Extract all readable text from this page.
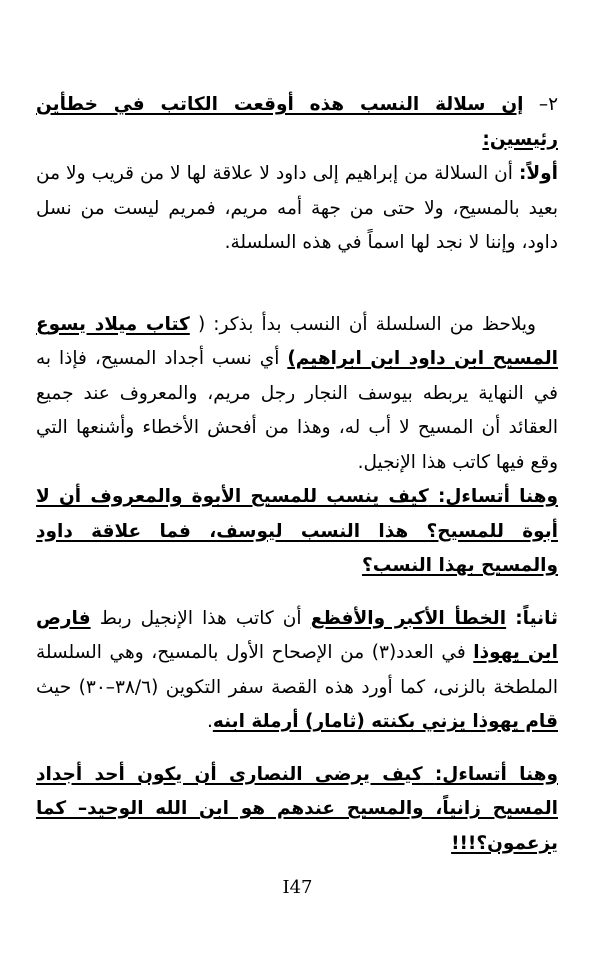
٢– إن سلالة النسب هذه أوقعت الكاتب في خطأين رئيسين:

أولاً: أن السلالة من إبراهيم إلى داود لا علاقة لها لا من قريب ولا من بعيد بالمسيح، ولا حتى من جهة أمه مريم، فمريم ليست من نسل داود، وإننا لا نجد لها اسماً في هذه السلسلة.

ويلاحظ من السلسلة أن النسب بدأ بذكر: ( كتاب ميلاد يسوع المسيح ابن داود ابن ابراهيم) أي نسب أجداد المسيح، فإذا به في النهاية يربطه بيوسف النجار رجل مريم، والمعروف عند جميع العقائد أن المسيح لا أب له، وهذا من أفحش الأخطاء وأشنعها التي وقع فيها كاتب هذا الإنجيل.

وهنا أتساءل: كيف ينسب للمسيح الأبوة والمعروف أن لا أبوة للمسيح؟ هذا النسب ليوسف، فما علاقة داود والمسيح بهذا النسب؟

ثانياً: الخطأ الأكبر والأفظع أن كاتب هذا الإنجيل ربط فارص ابن يهوذا في العدد(٣) من الإصحاح الأول بالمسيح، وهي السلسلة الملطخة بالزنى، كما أورد هذه القصة سفر التكوين (٣٨/٦–٣٠) حيث قام يهوذا يزني بكنته (ثامار) أرملة ابنه.

وهنا أتساءل: كيف يرضى النصارى أن يكون أحد أجداد المسيح زانياً، والمسيح عندهم هو ابن الله الوحيد– كما يزعمون؟!!!

I47
